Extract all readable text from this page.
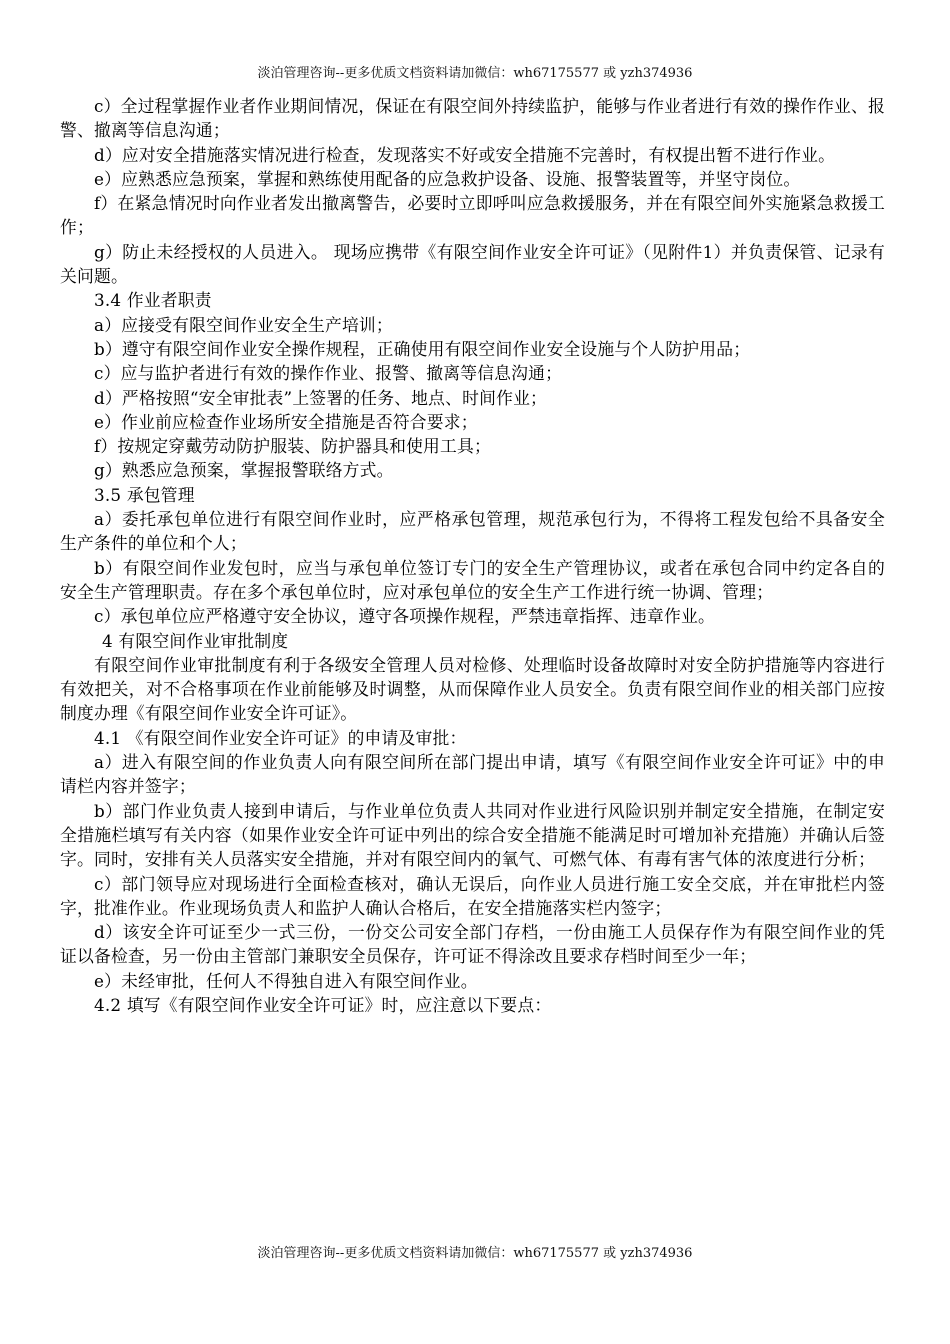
淡泊管理咨询--更多优质文档资料请加微信：wh67175577 或 yzh374936

c）全过程掌握作业者作业期间情况，保证在有限空间外持续监护，能够与作业者进行有效的操作作业、报警、撤离等信息沟通；

d）应对安全措施落实情况进行检查，发现落实不好或安全措施不完善时，有权提出暂不进行作业。

e）应熟悉应急预案，掌握和熟练使用配备的应急救护设备、设施、报警装置等，并坚守岗位。

f）在紧急情况时向作业者发出撤离警告，必要时立即呼叫应急救援服务，并在有限空间外实施紧急救援工作；

g）防止未经授权的人员进入。 现场应携带《有限空间作业安全许可证》（见附件1）并负责保管、记录有关问题。

3.4 作业者职责

a）应接受有限空间作业安全生产培训；

b）遵守有限空间作业安全操作规程，正确使用有限空间作业安全设施与个人防护用品；

c）应与监护者进行有效的操作作业、报警、撤离等信息沟通；

d）严格按照“安全审批表”上签署的任务、地点、时间作业；

e）作业前应检查作业场所安全措施是否符合要求；

f）按规定穿戴劳动防护服装、防护器具和使用工具；

g）熟悉应急预案，掌握报警联络方式。

3.5 承包管理

a）委托承包单位进行有限空间作业时，应严格承包管理，规范承包行为，不得将工程发包给不具备安全生产条件的单位和个人；

b）有限空间作业发包时，应当与承包单位签订专门的安全生产管理协议，或者在承包合同中约定各自的安全生产管理职责。存在多个承包单位时，应对承包单位的安全生产工作进行统一协调、管理；

c）承包单位应严格遵守安全协议，遵守各项操作规程，严禁违章指挥、违章作业。

4 有限空间作业审批制度

有限空间作业审批制度有利于各级安全管理人员对检修、处理临时设备故障时对安全防护措施等内容进行有效把关，对不合格事项在作业前能够及时调整，从而保障作业人员安全。负责有限空间作业的相关部门应按制度办理《有限空间作业安全许可证》。

4.1 《有限空间作业安全许可证》的申请及审批：

a）进入有限空间的作业负责人向有限空间所在部门提出申请，填写《有限空间作业安全许可证》中的申请栏内容并签字；

b）部门作业负责人接到申请后，与作业单位负责人共同对作业进行风险识别并制定安全措施，在制定安全措施栏填写有关内容（如果作业安全许可证中列出的综合安全措施不能满足时可增加补充措施）并确认后签字。同时，安排有关人员落实安全措施，并对有限空间内的氧气、可燃气体、有毒有害气体的浓度进行分析；

c）部门领导应对现场进行全面检查核对，确认无误后，向作业人员进行施工安全交底，并在审批栏内签字，批准作业。作业现场负责人和监护人确认合格后，在安全措施落实栏内签字；

d）该安全许可证至少一式三份，一份交公司安全部门存档，一份由施工人员保存作为有限空间作业的凭证以备检查，另一份由主管部门兼职安全员保存，许可证不得涂改且要求存档时间至少一年；

e）未经审批，任何人不得独自进入有限空间作业。

4.2 填写《有限空间作业安全许可证》时，应注意以下要点：

淡泊管理咨询--更多优质文档资料请加微信：wh67175577 或 yzh374936
